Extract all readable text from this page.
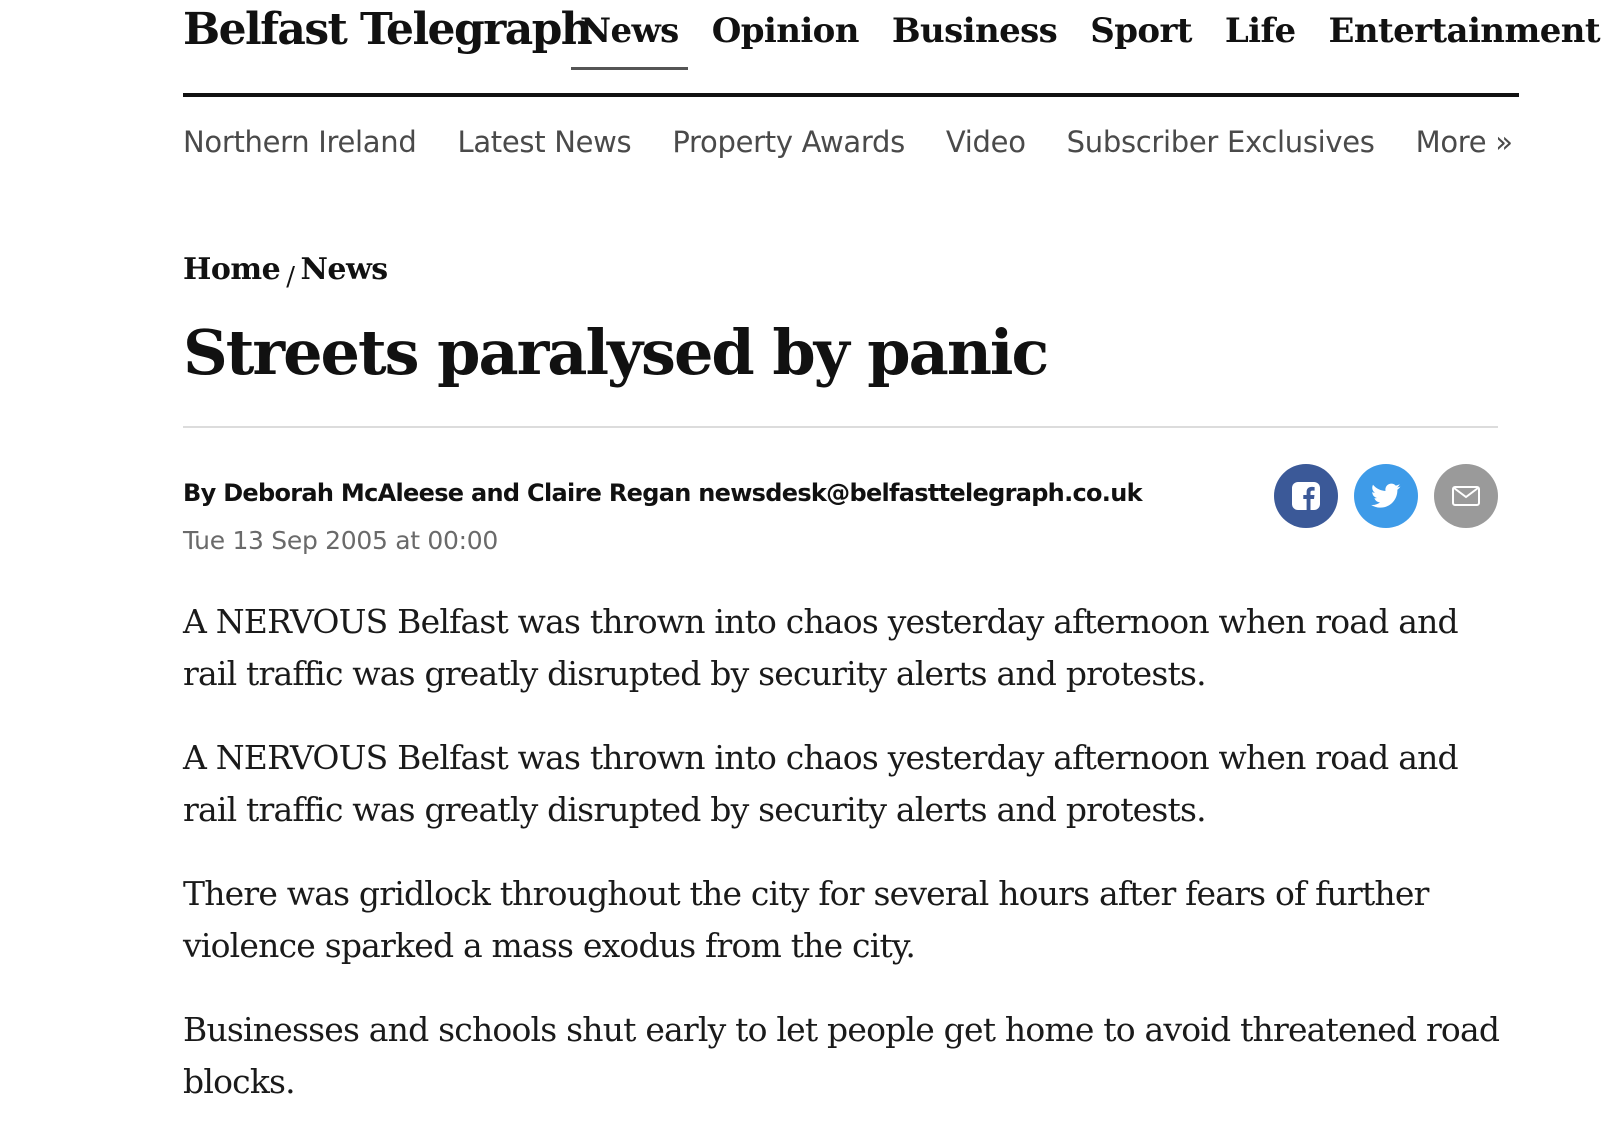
Belfast Telegraph
News Opinion Business Sport Life Entertainment
Northern Ireland Latest News Property Awards Video Subscriber Exclusives More »
Home / News
Streets paralysed by panic
By Deborah McAleese and Claire Regan newsdesk@belfasttelegraph.co.uk
Tue 13 Sep 2005 at 00:00

A NERVOUS Belfast was thrown into chaos yesterday afternoon when road and rail traffic was greatly disrupted by security alerts and protests.

A NERVOUS Belfast was thrown into chaos yesterday afternoon when road and rail traffic was greatly disrupted by security alerts and protests.

There was gridlock throughout the city for several hours after fears of further violence sparked a mass exodus from the city.

Businesses and schools shut early to let people get home to avoid threatened road blocks.
